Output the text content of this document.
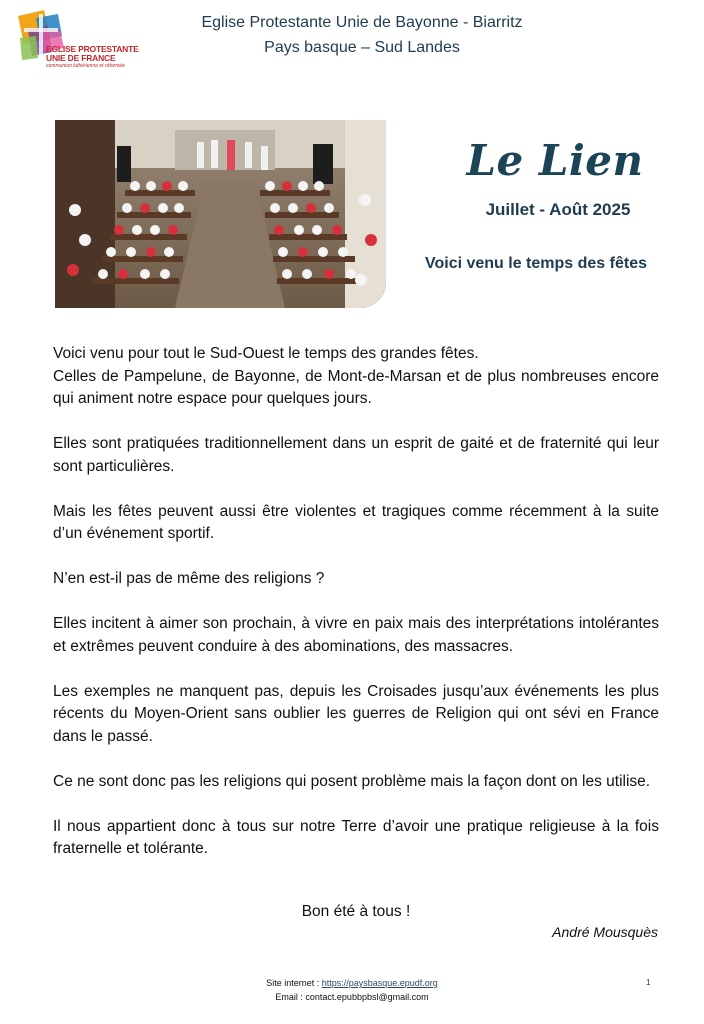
EGLISE PROTESTANTE
UNIE DE FRANCE
communion luthérienne et réformée
Eglise Protestante Unie de Bayonne - Biarritz
Pays basque – Sud Landes
Le Lien
Juillet - Août 2025
Voici venu le temps des fêtes

Voici venu pour tout le Sud-Ouest le temps des grandes fêtes.
Celles de Pampelune, de Bayonne, de Mont-de-Marsan et de plus nombreuses encore qui animent notre espace pour quelques jours.

Elles sont pratiquées traditionnellement dans un esprit de gaité et de fraternité qui leur sont particulières.

Mais les fêtes peuvent aussi être violentes et tragiques comme récemment à la suite d’un événement sportif.

N’en est-il pas de même des religions ?

Elles incitent à aimer son prochain, à vivre en paix mais des interprétations intolérantes et extrêmes peuvent conduire à des abominations, des massacres.

Les exemples ne manquent pas, depuis les Croisades jusqu’aux événements les plus récents du Moyen-Orient sans oublier les guerres de Religion qui ont sévi en France dans le passé.

Ce ne sont donc pas les religions qui posent problème mais la façon dont on les utilise.

Il nous appartient donc à tous sur notre Terre d’avoir une pratique religieuse à la fois fraternelle et tolérante.

Bon été à tous !
André Mousquès
Site internet : https://paysbasque.epudf.org
Email : contact.epubbpbsl@gmail.com
1
